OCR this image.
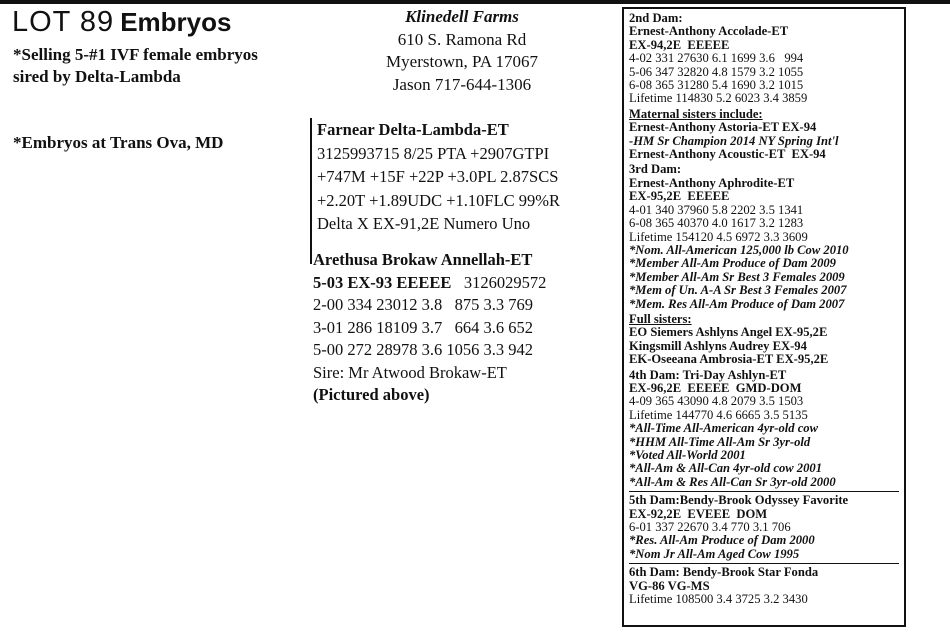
LOT 89 Embryos
*Selling 5-#1 IVF female embryos
sired by Delta-Lambda
*Embryos at Trans Ova, MD
Klinedell Farms
610 S. Ramona Rd
Myerstown, PA 17067
Jason 717-644-1306
Farnear Delta-Lambda-ET
3125993715 8/25 PTA +2907GTPI
+747M +15F +22P +3.0PL 2.87SCS
+2.20T +1.89UDC +1.10FLC 99%R
Delta X EX-91,2E Numero Uno
Arethusa Brokaw Annellah-ET
5-03 EX-93 EEEEE 3126029572
2-00 334 23012 3.8   875 3.3 769
3-01 286 18109 3.7   664 3.6 652
5-00 272 28978 3.6 1056 3.3 942
Sire: Mr Atwood Brokaw-ET
(Pictured above)
2nd Dam:
Ernest-Anthony Accolade-ET
EX-94,2E  EEEEE
4-02 331 27630 6.1 1699 3.6   994
5-06 347 32820 4.8 1579 3.2 1055
6-08 365 31280 5.4 1690 3.2 1015
Lifetime 114830 5.2 6023 3.4 3859
Maternal sisters include:
Ernest-Anthony Astoria-ET EX-94
-HM Sr Champion 2014 NY Spring Int'l
Ernest-Anthony Acoustic-ET  EX-94
3rd Dam:
Ernest-Anthony Aphrodite-ET
EX-95,2E  EEEEE
4-01 340 37960 5.8 2202 3.5 1341
6-08 365 40370 4.0 1617 3.2 1283
Lifetime 154120 4.5 6972 3.3 3609
*Nom. All-American 125,000 lb Cow 2010
*Member All-Am Produce of Dam 2009
*Member All-Am Sr Best 3 Females 2009
*Mem of Un. A-A Sr Best 3 Females 2007
*Mem. Res All-Am Produce of Dam 2007
Full sisters:
EO Siemers Ashlyns Angel EX-95,2E
Kingsmill Ashlyns Audrey EX-94
EK-Oseeana Ambrosia-ET EX-95,2E
4th Dam: Tri-Day Ashlyn-ET
EX-96,2E  EEEEE  GMD-DOM
4-09 365 43090 4.8 2079 3.5 1503
Lifetime 144770 4.6 6665 3.5 5135
*All-Time All-American 4yr-old cow
*HHM All-Time All-Am Sr 3yr-old
*Voted All-World 2001
*All-Am & All-Can 4yr-old cow 2001
*All-Am & Res All-Can Sr 3yr-old 2000
5th Dam:Bendy-Brook Odyssey Favorite
EX-92,2E  EVEEE  DOM
6-01 337 22670 3.4 770 3.1 706
*Res. All-Am Produce of Dam 2000
*Nom Jr All-Am Aged Cow 1995
6th Dam: Bendy-Brook Star Fonda
VG-86 VG-MS
Lifetime 108500 3.4 3725 3.2 3430
